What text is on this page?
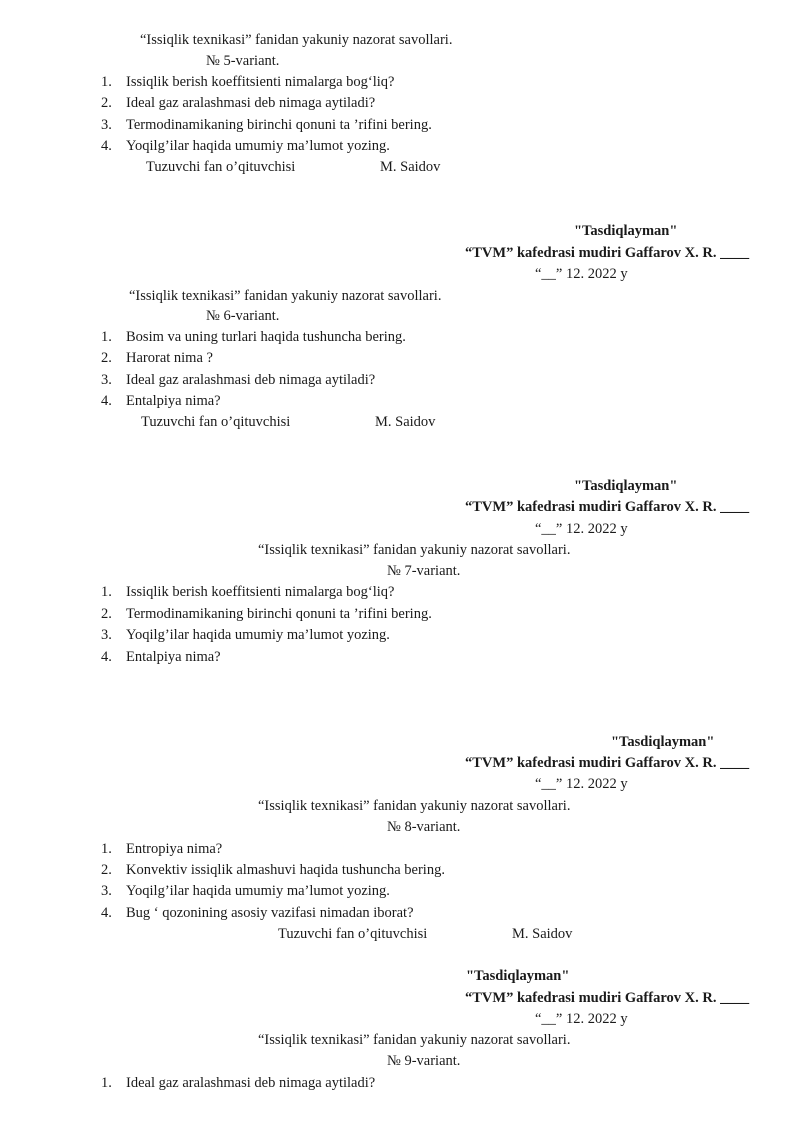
“Issiqlik texnikasi” fanidan yakuniy nazorat savollari.
№ 5-variant.
1. Issiqlik berish koeffitsienti nimalarga bog‘liq?
2. Ideal gaz aralashmasi deb nimaga aytiladi?
3. Termodinamikaning birinchi qonuni ta ’rifini bering.
4. Yoqilg’ilar haqida umumiy ma’lumot yozing.
Tuzuvchi fan o’qituvchisi	M. Saidov
"Tasdiqlayman"
“TVM” kafedrasi mudiri Gaffarov X. R. ____
“__” 12. 2022 y
“Issiqlik texnikasi” fanidan yakuniy nazorat savollari.
№ 6-variant.
1. Bosim va uning turlari haqida tushuncha bering.
2. Harorat nima ?
3. Ideal gaz aralashmasi deb nimaga aytiladi?
4. Entalpiya nima?
Tuzuvchi fan o’qituvchisi	M. Saidov
"Tasdiqlayman"
“TVM” kafedrasi mudiri Gaffarov X. R. ____
“__” 12. 2022 y
“Issiqlik texnikasi” fanidan yakuniy nazorat savollari.
№ 7-variant.
1. Issiqlik berish koeffitsienti nimalarga bog‘liq?
2. Termodinamikaning birinchi qonuni ta ’rifini bering.
3. Yoqilg’ilar haqida umumiy ma’lumot yozing.
4. Entalpiya nima?
"Tasdiqlayman"
“TVM” kafedrasi mudiri Gaffarov X. R. ____
“__” 12. 2022 y
“Issiqlik texnikasi” fanidan yakuniy nazorat savollari.
№ 8-variant.
1. Entropiya nima?
2. Konvektiv issiqlik almashuvi haqida tushuncha bering.
3. Yoqilg’ilar haqida umumiy ma’lumot yozing.
4. Bug ‘ qozonining asosiy vazifasi nimadan iborat?
Tuzuvchi fan o’qituvchisi	M. Saidov
"Tasdiqlayman"
“TVM” kafedrasi mudiri Gaffarov X. R. ____
“__” 12. 2022 y
“Issiqlik texnikasi” fanidan yakuniy nazorat savollari.
№ 9-variant.
1. Ideal gaz aralashmasi deb nimaga aytiladi?
